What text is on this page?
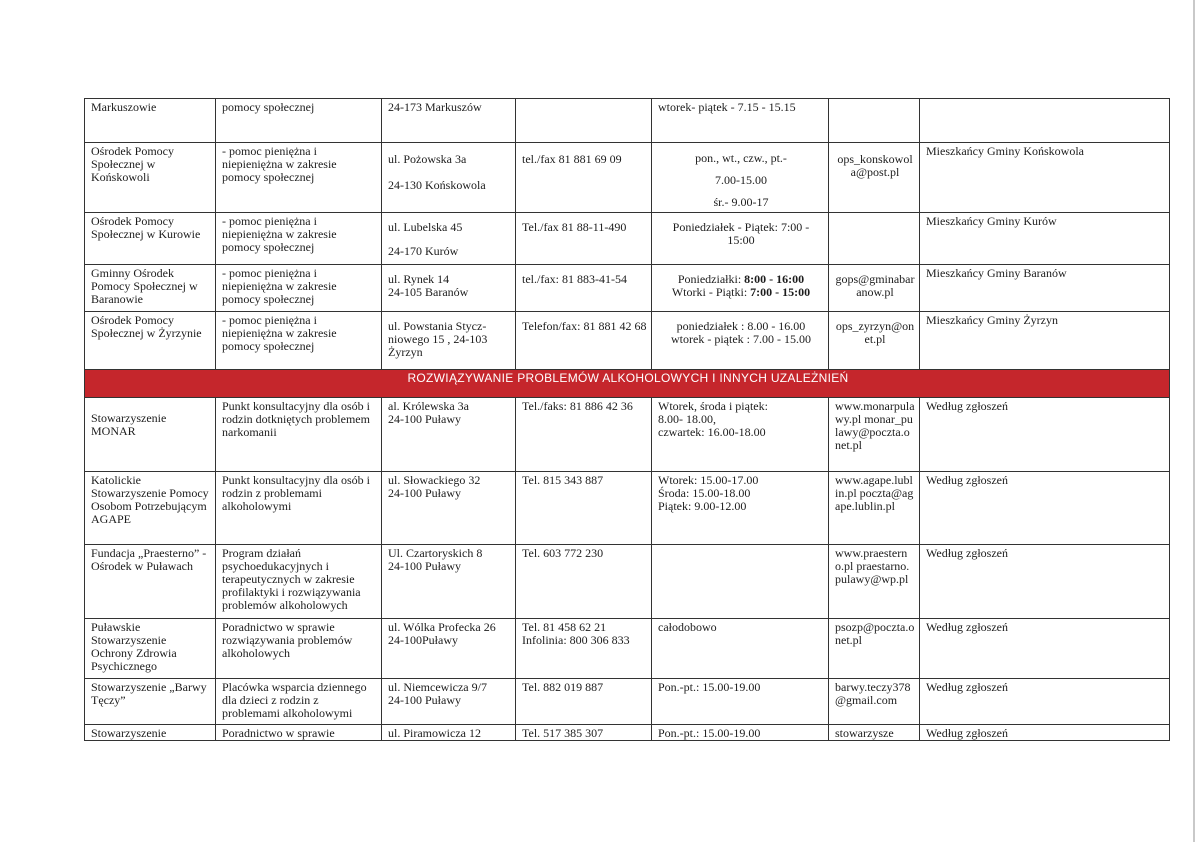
Markuszowie	pomocy społecznej	24-173 Markuszów		wtorek- piątek - 7.15 - 15.15		
Ośrodek Pomocy Społecznej w Końskowoli	- pomoc pieniężna i niepieniężna w zakresie pomocy społecznej	ul. Pożowska 3a

24-130 Końskowola	tel./fax 81 881 69 09	pon., wt., czw., pt.-

7.00-15.00

śr.- 9.00-17	ops_konskowola@post.pl	Mieszkańcy Gminy Końskowola
Ośrodek Pomocy Społecznej w Kurowie	- pomoc pieniężna i niepieniężna w zakresie pomocy społecznej	ul. Lubelska 45

24-170 Kurów	Tel./fax 81 88-11-490	Poniedziałek - Piątek: 7:00 - 15:00		Mieszkańcy Gminy Kurów
Gminny Ośrodek Pomocy Społecznej w Baranowie	- pomoc pieniężna i niepieniężna w zakresie pomocy społecznej	ul. Rynek 14
24-105 Baranów	tel./fax: 81 883-41-54	Poniedziałki: 8:00 - 16:00
Wtorki - Piątki: 7:00 - 15:00	gops@gminabaranow.pl	Mieszkańcy Gminy Baranów
Ośrodek Pomocy Społecznej w Żyrzynie	- pomoc pieniężna i niepieniężna w zakresie pomocy społecznej	ul. Powstania Stycz-niowego 15 , 24-103 Żyrzyn	Telefon/fax: 81 881 42 68	poniedziałek : 8.00 - 16.00
wtorek - piątek : 7.00 - 15.00	ops_zyrzyn@onet.pl	Mieszkańcy Gminy Żyrzyn
ROZWIĄZYWANIE PROBLEMÓW ALKOHOLOWYCH I INNYCH UZALEŻNIEŃ						
Stowarzyszenie MONAR	Punkt konsultacyjny dla osób i rodzin dotkniętych problemem narkomanii	al. Królewska 3a
24-100 Puławy	Tel./faks: 81 886 42 36	Wtorek, środa i piątek:
8.00- 18.00,
czwartek: 16.00-18.00	www.monarpulawy.pl monar_pulawy@poczta.onet.pl	Według zgłoszeń
Katolickie Stowarzyszenie Pomocy Osobom Potrzebującym AGAPE	Punkt konsultacyjny dla osób i rodzin z problemami alkoholowymi	ul. Słowackiego 32
24-100 Puławy	Tel. 815 343 887	Wtorek: 15.00-17.00
Środa: 15.00-18.00
Piątek: 9.00-12.00	www.agape.lublin.pl poczta@agape.lublin.pl	Według zgłoszeń
Fundacja „Praesterno” - Ośrodek w Puławach	Program działań psychoedukacyjnych i terapeutycznych w zakresie profilaktyki i rozwiązywania problemów alkoholowych	Ul. Czartoryskich 8
24-100 Puławy	Tel. 603 772 230		www.praesterno.pl praestarno.pulawy@wp.pl	Według zgłoszeń
Puławskie Stowarzyszenie Ochrony Zdrowia Psychicznego	Poradnictwo w sprawie rozwiązywania problemów alkoholowych	ul. Wólka Profecka 26
24-100Puławy	Tel. 81 458 62 21
Infolinia: 800 306 833	całodobowo	psozp@poczta.onet.pl	Według zgłoszeń
Stowarzyszenie „Barwy Tęczy”	Placówka wsparcia dziennego dla dzieci z rodzin z problemami alkoholowymi	ul. Niemcewicza 9/7
24-100 Puławy	Tel. 882 019 887	Pon.-pt.: 15.00-19.00	barwy.teczy378@gmail.com	Według zgłoszeń
Stowarzyszenie	Poradnictwo w sprawie	ul. Piramowicza 12	Tel. 517 385 307	Pon.-pt.: 15.00-19.00	stowarzysze	Według zgłoszeń
